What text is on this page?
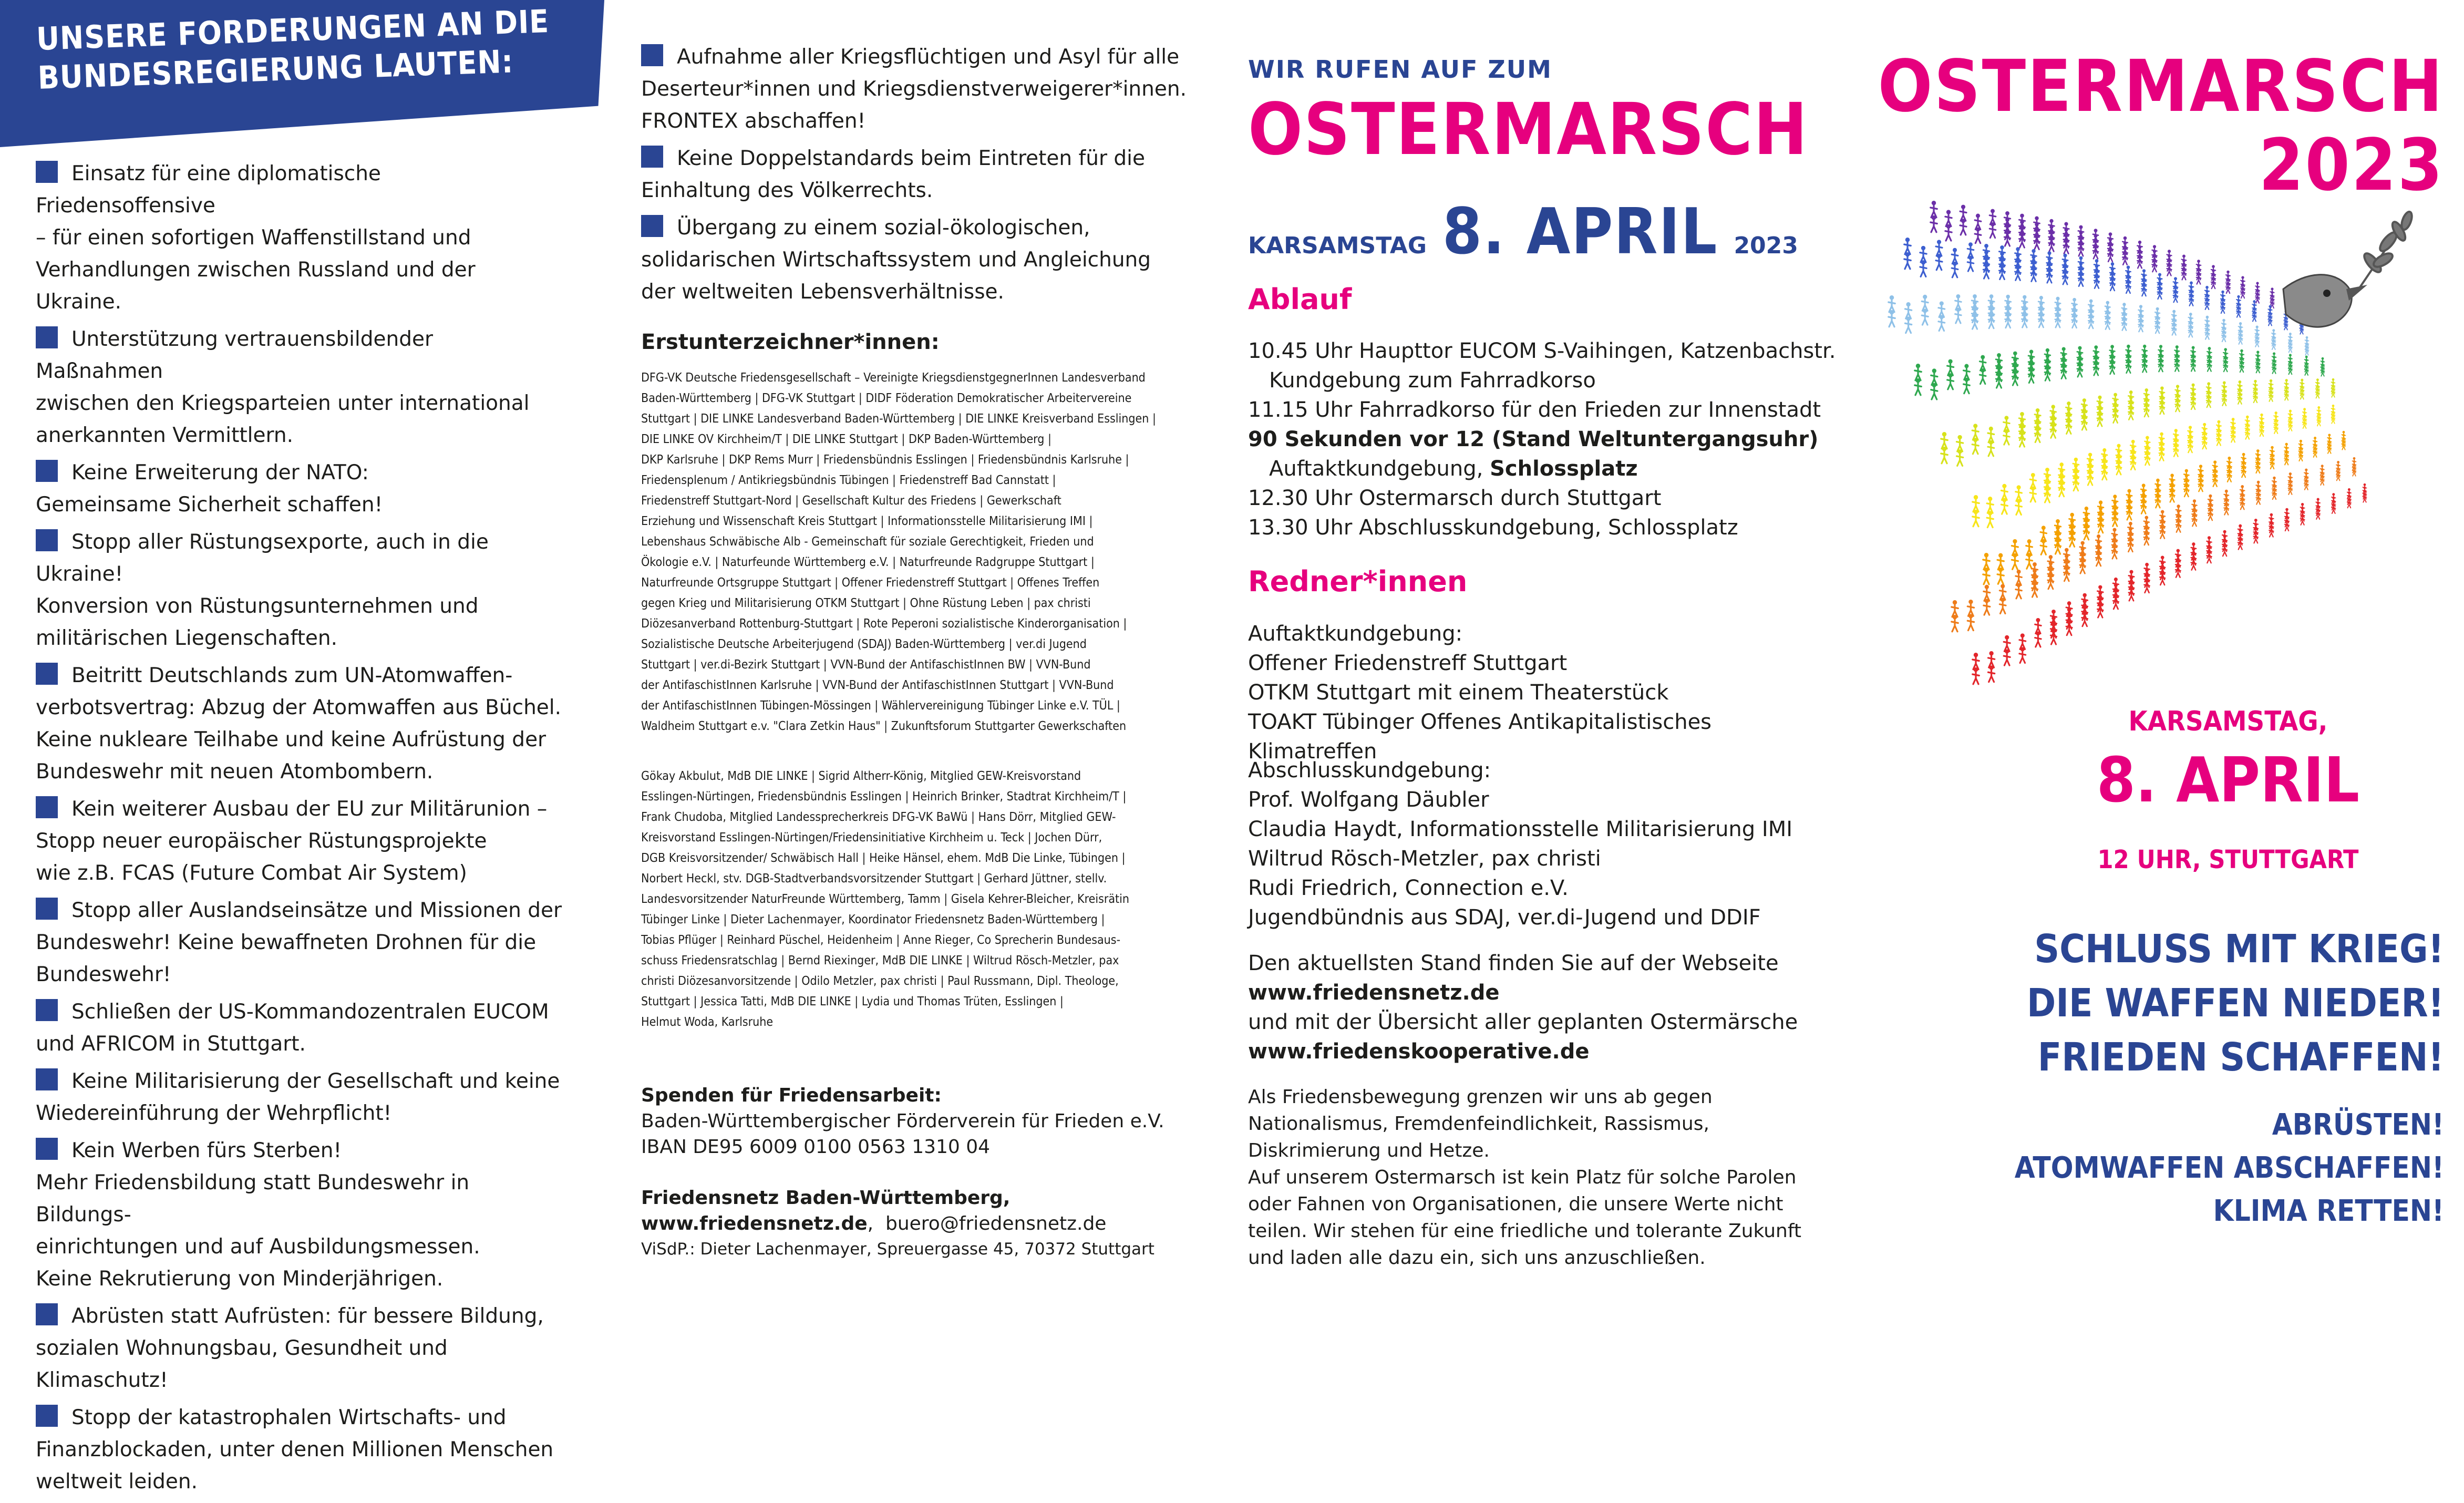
UNSERE FORDERUNGEN AN DIE BUNDESREGIERUNG LAUTEN:
Einsatz für eine diplomatische Friedensoffensive
– für einen sofortigen Waffenstillstand und
Verhandlungen zwischen Russland und der Ukraine.
Unterstützung vertrauensbildender Maßnahmen
zwischen den Kriegsparteien unter international
anerkannten Vermittlern.
Keine Erweiterung der NATO:
Gemeinsame Sicherheit schaffen!
Stopp aller Rüstungsexporte, auch in die Ukraine!
Konversion von Rüstungsunternehmen und
militärischen Liegenschaften.
Beitritt Deutschlands zum UN-Atomwaffen-
verbotsvertrag: Abzug der Atomwaffen aus Büchel.
Keine nukleare Teilhabe und keine Aufrüstung der
Bundeswehr mit neuen Atombombern.
Kein weiterer Ausbau der EU zur Militärunion –
Stopp neuer europäischer Rüstungsprojekte
wie z.B. FCAS (Future Combat Air System)
Stopp aller Auslandseinsätze und Missionen der
Bundeswehr! Keine bewaffneten Drohnen für die
Bundeswehr!
Schließen der US-Kommandozentralen EUCOM
und AFRICOM in Stuttgart.
Keine Militarisierung der Gesellschaft und keine
Wiedereinführung der Wehrpflicht!
Kein Werben fürs Sterben!
Mehr Friedensbildung statt Bundeswehr in Bildungs-
einrichtungen und auf Ausbildungsmessen.
Keine Rekrutierung von Minderjährigen.
Abrüsten statt Aufrüsten: für bessere Bildung,
sozialen Wohnungsbau, Gesundheit und Klimaschutz!
Stopp der katastrophalen Wirtschafts- und
Finanzblockaden, unter denen Millionen Menschen
weltweit leiden.
Aufnahme aller Kriegsflüchtigen und Asyl für alle
Deserteur*innen und Kriegsdienstverweigerer*innen.
FRONTEX abschaffen!
Keine Doppelstandards beim Eintreten für die
Einhaltung des Völkerrechts.
Übergang zu einem sozial-ökologischen,
solidarischen Wirtschaftssystem und Angleichung
der weltweiten Lebensverhältnisse.
Erstunterzeichner*innen:
DFG-VK Deutsche Friedensgesellschaft – Vereinigte KriegsdienstgegnerInnen Landesverband
Baden-Württemberg | DFG-VK Stuttgart | DIDF Föderation Demokratischer Arbeitervereine
Stuttgart | DIE LINKE Landesverband Baden-Württemberg | DIE LINKE Kreisverband Esslingen |
DIE LINKE OV Kirchheim/T | DIE LINKE Stuttgart | DKP Baden-Württemberg |
DKP Karlsruhe | DKP Rems Murr | Friedensbündnis Esslingen | Friedensbündnis Karlsruhe |
Friedensplenum / Antikriegsbündnis Tübingen | Friedenstreff Bad Cannstatt |
Friedenstreff Stuttgart-Nord | Gesellschaft Kultur des Friedens | Gewerkschaft
Erziehung und Wissenschaft Kreis Stuttgart | Informationsstelle Militarisierung IMI |
Lebenshaus Schwäbische Alb - Gemeinschaft für soziale Gerechtigkeit, Frieden und
Ökologie e.V. | Naturfeunde Württemberg e.V. | Naturfreunde Radgruppe Stuttgart |
Naturfreunde Ortsgruppe Stuttgart | Offener Friedenstreff Stuttgart | Offenes Treffen
gegen Krieg und Militarisierung OTKM Stuttgart | Ohne Rüstung Leben | pax christi
Diözesanverband Rottenburg-Stuttgart | Rote Peperoni sozialistische Kinderorganisation |
Sozialistische Deutsche Arbeiterjugend (SDAJ) Baden-Württemberg | ver.di Jugend
Stuttgart | ver.di-Bezirk Stuttgart | VVN-Bund der AntifaschistInnen BW | VVN-Bund
der AntifaschistInnen Karlsruhe | VVN-Bund der AntifaschistInnen Stuttgart | VVN-Bund
der AntifaschistInnen Tübingen-Mössingen | Wählervereinigung Tübinger Linke e.V. TÜL |
Waldheim Stuttgart e.v. "Clara Zetkin Haus" | Zukunftsforum Stuttgarter Gewerkschaften
Gökay Akbulut, MdB DIE LINKE | Sigrid Altherr-König, Mitglied GEW-Kreisvorstand
Esslingen-Nürtingen, Friedensbündnis Esslingen | Heinrich Brinker, Stadtrat Kirchheim/T |
Frank Chudoba, Mitglied Landessprecherkreis DFG-VK BaWü | Hans Dörr, Mitglied GEW-
Kreisvorstand Esslingen-Nürtingen/Friedensinitiative Kirchheim u. Teck | Jochen Dürr,
DGB Kreisvorsitzender/ Schwäbisch Hall | Heike Hänsel, ehem. MdB Die Linke, Tübingen |
Norbert Heckl, stv. DGB-Stadtverbandsvorsitzender Stuttgart | Gerhard Jüttner, stellv.
Landesvorsitzender NaturFreunde Württemberg, Tamm | Gisela Kehrer-Bleicher, Kreisrätin
Tübinger Linke | Dieter Lachenmayer, Koordinator Friedensnetz Baden-Württemberg |
Tobias Pflüger | Reinhard Püschel, Heidenheim | Anne Rieger, Co Sprecherin Bundesaus-
schuss Friedensratschlag | Bernd Riexinger, MdB DIE LINKE | Wiltrud Rösch-Metzler, pax
christi Diözesanvorsitzende | Odilo Metzler, pax christi | Paul Russmann, Dipl. Theologe,
Stuttgart | Jessica Tatti, MdB DIE LINKE | Lydia und Thomas Trüten, Esslingen |
Helmut Woda, Karlsruhe
Spenden für Friedensarbeit:
Baden-Württembergischer Förderverein für Frieden e.V.
IBAN DE95 6009 0100 0563 1310 04
Friedensnetz Baden-Württemberg,
www.friedensnetz.de,  buero@friedensnetz.de
ViSdP.: Dieter Lachenmayer, Spreuergasse 45, 70372 Stuttgart
WIR RUFEN AUF ZUM
OSTERMARSCH
KARSAMSTAG 8. APRIL 2023
Ablauf
10.45 Uhr Haupttor EUCOM S-Vaihingen, Katzenbachstr.
Kundgebung zum Fahrradkorso
11.15 Uhr Fahrradkorso für den Frieden zur Innenstadt
90 Sekunden vor 12 (Stand Weltuntergangsuhr)
Auftaktkundgebung, Schlossplatz
12.30 Uhr Ostermarsch durch Stuttgart
13.30 Uhr Abschlusskundgebung, Schlossplatz
Redner*innen
Auftaktkundgebung:
Offener Friedenstreff Stuttgart
OTKM Stuttgart mit einem Theaterstück
TOAKT Tübinger Offenes Antikapitalistisches Klimatreffen
Abschlusskundgebung:
Prof. Wolfgang Däubler
Claudia Haydt, Informationsstelle Militarisierung IMI
Wiltrud Rösch-Metzler, pax christi
Rudi Friedrich, Connection e.V.
Jugendbündnis aus SDAJ, ver.di-Jugend und DDIF
Den aktuellsten Stand finden Sie auf der Webseite
www.friedensnetz.de
und mit der Übersicht aller geplanten Ostermärsche
www.friedenskooperative.de
Als Friedensbewegung grenzen wir uns ab gegen
Nationalismus, Fremdenfeindlichkeit, Rassismus,
Diskrimierung und Hetze.
Auf unserem Ostermarsch ist kein Platz für solche Parolen
oder Fahnen von Organisationen, die unsere Werte nicht
teilen. Wir stehen für eine friedliche und tolerante Zukunft
und laden alle dazu ein, sich uns anzuschließen.
OSTERMARSCH
2023
KARSAMSTAG,
8. APRIL
12 UHR, STUTTGART
SCHLUSS MIT KRIEG!
DIE WAFFEN NIEDER!
FRIEDEN SCHAFFEN!
ABRÜSTEN!
ATOMWAFFEN ABSCHAFFEN!
KLIMA RETTEN!
